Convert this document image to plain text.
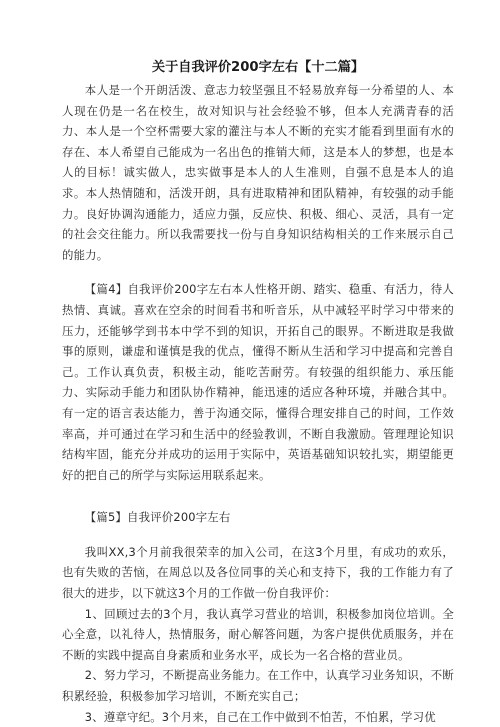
关于自我评价200字左右【十二篇】

本人是一个开朗活泼、意志力较坚强且不轻易放弃每一分希望的人、本人现在仍是一名在校生，故对知识与社会经验不够，但本人充满青春的活力、本人是一个空杯需要大家的灌注与本人不断的充实才能看到里面有水的存在、本人希望自己能成为一名出色的推销大师，这是本人的梦想，也是本人的目标！诚实做人，忠实做事是本人的人生准则，自强不息是本人的追求。本人热情随和，活泼开朗，具有进取精神和团队精神，有较强的动手能力。良好协调沟通能力，适应力强，反应快、积极、细心、灵活，具有一定的社会交往能力。所以我需要找一份与自身知识结构相关的工作来展示自己的能力。

【篇4】自我评价200字左右本人性格开朗、踏实、稳重、有活力，待人热情、真诚。喜欢在空余的时间看书和听音乐，从中减轻平时学习中带来的压力，还能够学到书本中学不到的知识，开拓自己的眼界。不断进取是我做事的原则，谦虚和谨慎是我的优点，懂得不断从生活和学习中提高和完善自己。工作认真负责，积极主动，能吃苦耐劳。有较强的组织能力、承压能力、实际动手能力和团队协作精神，能迅速的适应各种环境，并融合其中。有一定的语言表达能力，善于沟通交际，懂得合理安排自己的时间，工作效率高，并可通过在学习和生活中的经验教训，不断自我激励。管理理论知识结构牢固，能充分并成功的运用于实际中，英语基础知识较扎实，期望能更好的把自己的所学与实际运用联系起来。

【篇5】自我评价200字左右

我叫XX,3个月前我很荣幸的加入公司，在这3个月里，有成功的欢乐，也有失败的苦恼，在周总以及各位同事的关心和支持下，我的工作能力有了很大的进步，以下就这3个月的工作做一份自我评价：

1、回顾过去的3个月，我认真学习营业的培训，积极参加岗位培训。全心全意，以礼待人，热情服务，耐心解答问题，为客户提供优质服务，并在不断的实践中提高自身素质和业务水平，成长为一名合格的营业员。

2、努力学习，不断提高业务能力。在工作中，认真学习业务知识，不断积累经验，积极参加学习培训，不断充实自己；

3、遵章守纪。3个月来，自己在工作中做到不怕苦，不怕累，学习优
